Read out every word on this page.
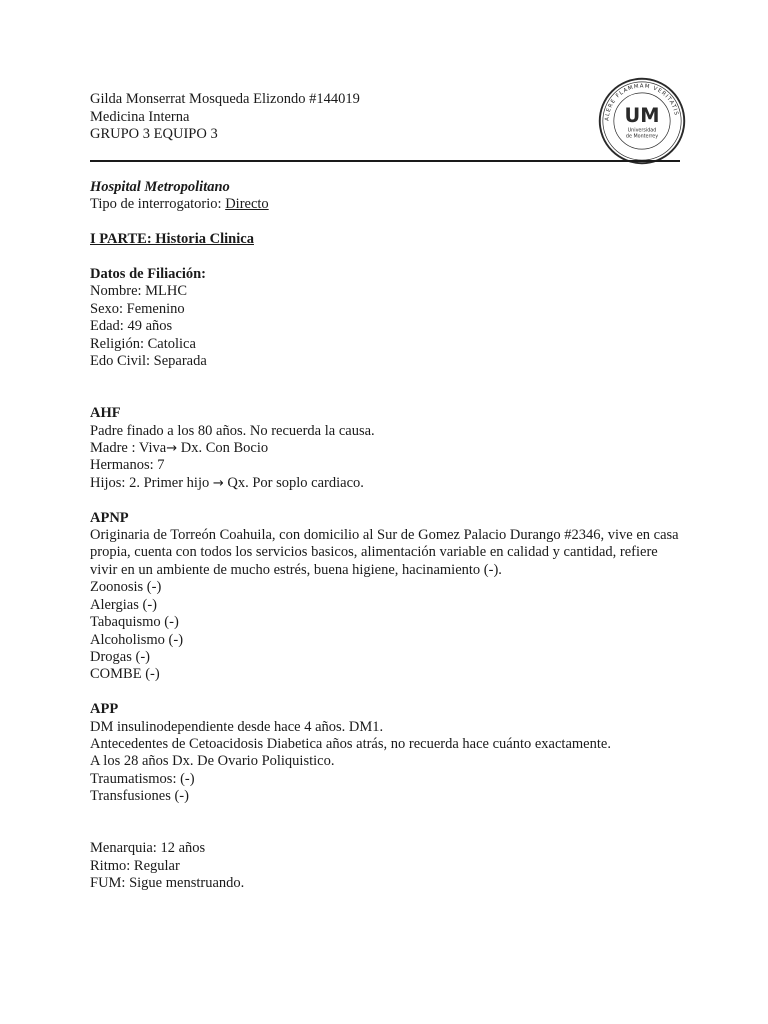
Gilda Monserrat Mosqueda Elizondo #144019
Medicina Interna
GRUPO 3 EQUIPO 3
ALERE FLAMMAM VERITATIS
UM
Universidad
de Monterrey
Hospital Metropolitano
Tipo de interrogatorio: Directo
I PARTE: Historia Clinica
Datos de Filiación:
Nombre: MLHC
Sexo: Femenino
Edad: 49 años
Religión: Catolica
Edo Civil: Separada
AHF
Padre finado a los 80 años. No recuerda la causa.
Madre : Viva→ Dx. Con Bocio
Hermanos: 7
Hijos: 2. Primer hijo → Qx. Por soplo cardiaco.
APNP
Originaria de Torreón Coahuila, con domicilio al Sur de Gomez Palacio Durango #2346, vive en casa propia, cuenta con todos los servicios basicos, alimentación variable en calidad y cantidad, refiere vivir en un ambiente de mucho estrés, buena higiene, hacinamiento (-).
Zoonosis (-)
Alergias (-)
Tabaquismo (-)
Alcoholismo (-)
Drogas (-)
COMBE (-)
APP
DM insulinodependiente desde hace 4 años. DM1.
Antecedentes de Cetoacidosis Diabetica años atrás, no recuerda hace cuánto exactamente.
A los 28 años Dx. De Ovario Poliquistico.
Traumatismos: (-)
Transfusiones (-)
Menarquia: 12 años
Ritmo: Regular
FUM: Sigue menstruando.
